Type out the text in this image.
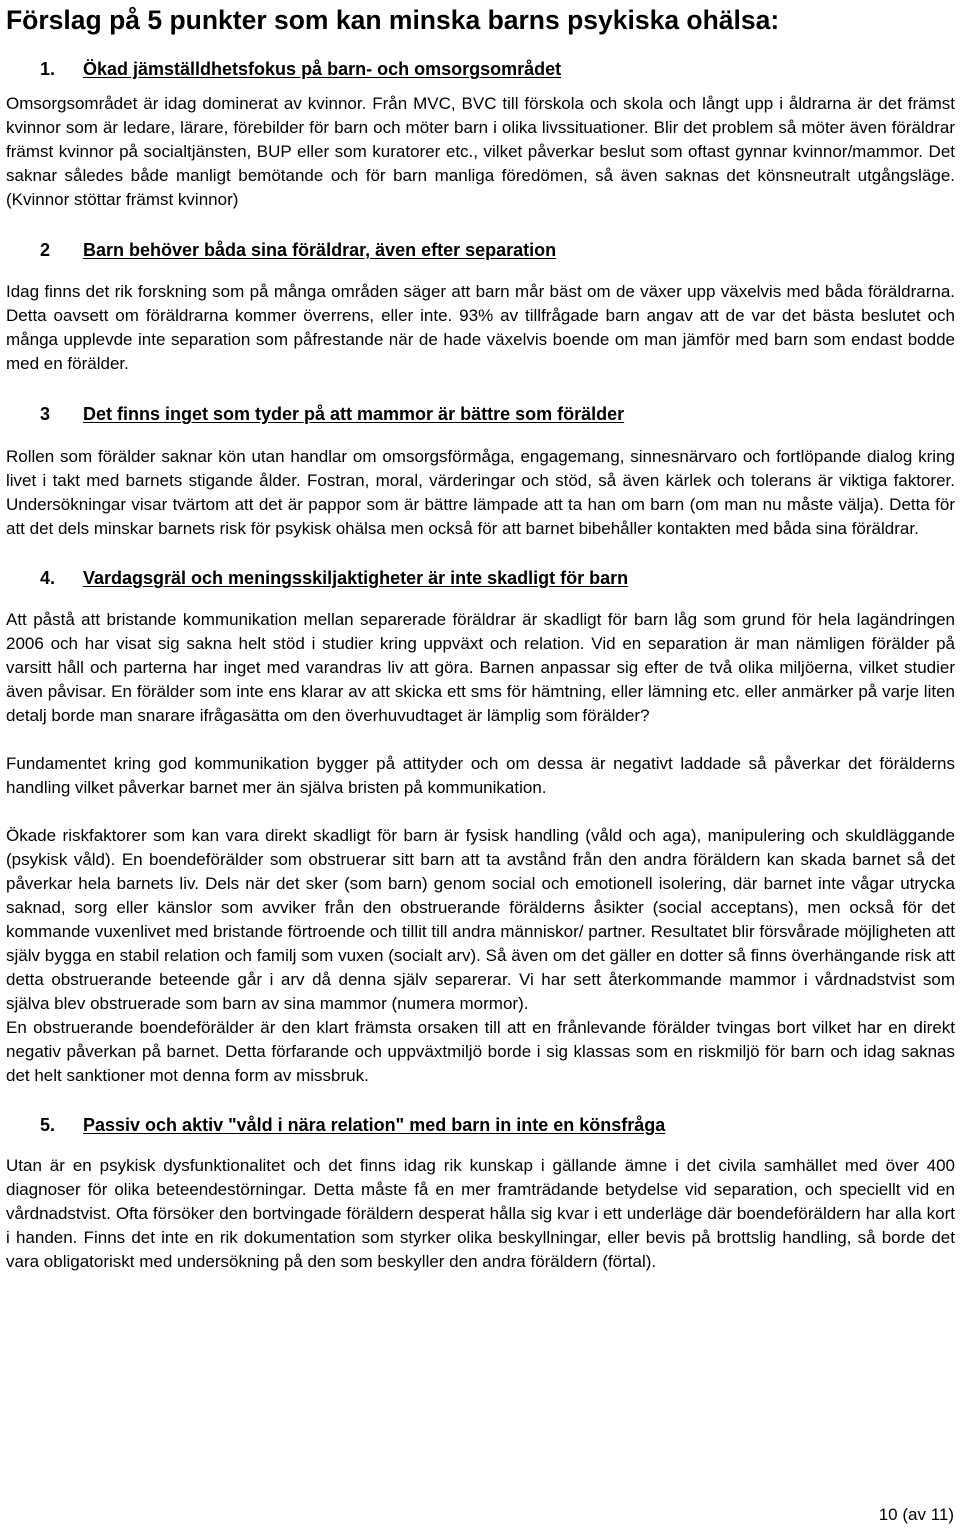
Förslag på 5 punkter som kan minska barns psykiska ohälsa:
1.	Ökad jämställdhetsfokus på barn- och omsorgsområdet

Omsorgsområdet är idag dominerat av kvinnor. Från MVC, BVC till förskola och skola och långt upp i åldrarna är det främst kvinnor som är ledare, lärare, förebilder för barn och möter barn i olika livssituationer. Blir det problem så möter även föräldrar främst kvinnor på socialtjänsten, BUP eller som kuratorer etc., vilket påverkar beslut som oftast gynnar kvinnor/mammor. Det saknar således både manligt bemötande och för barn manliga föredömen, så även saknas det könsneutralt utgångsläge. (Kvinnor stöttar främst kvinnor)

2	Barn behöver båda sina föräldrar, även efter separation

Idag finns det rik forskning som på många områden säger att barn mår bäst om de växer upp växelvis med båda föräldrarna. Detta oavsett om föräldrarna kommer överrens, eller inte. 93% av tillfrågade barn angav att de var det bästa beslutet och många upplevde inte separation som påfrestande när de hade växelvis boende om man jämför med barn som endast bodde med en förälder.

3	Det finns inget som tyder på att mammor är bättre som förälder

Rollen som förälder saknar kön utan handlar om omsorgsförmåga, engagemang, sinnesnärvaro och fortlöpande dialog kring livet i takt med barnets stigande ålder. Fostran, moral, värderingar och stöd, så även kärlek och tolerans är viktiga faktorer. Undersökningar visar tvärtom att det är pappor som är bättre lämpade att ta han om barn (om man nu måste välja). Detta för att det dels minskar barnets risk för psykisk ohälsa men också för att barnet bibehåller kontakten med båda sina föräldrar.

4.	Vardagsgräl och meningsskiljaktigheter är inte skadligt för barn

Att påstå att bristande kommunikation mellan separerade föräldrar är skadligt för barn låg som grund för hela lagändringen 2006 och har visat sig sakna helt stöd i studier kring uppväxt och relation. Vid en separation är man nämligen förälder på varsitt håll och parterna har inget med varandras liv att göra. Barnen anpassar sig efter de två olika miljöerna, vilket studier även påvisar. En förälder som inte ens klarar av att skicka ett sms för hämtning, eller lämning etc. eller anmärker på varje liten detalj borde man snarare ifrågasätta om den överhuvudtaget är lämplig som förälder?

Fundamentet kring god kommunikation bygger på attityder och om dessa är negativt laddade så påverkar det förälderns handling vilket påverkar barnet mer än själva bristen på kommunikation.

Ökade riskfaktorer som kan vara direkt skadligt för barn är fysisk handling (våld och aga), manipulering och skuldläggande (psykisk våld). En boendeförälder som obstruerar sitt barn att ta avstånd från den andra föräldern kan skada barnet så det påverkar hela barnets liv. Dels när det sker (som barn) genom social och emotionell isolering, där barnet inte vågar utrycka saknad, sorg eller känslor som avviker från den obstruerande förälderns åsikter (social acceptans), men också för det kommande vuxenlivet med bristande förtroende och tillit till andra människor/ partner. Resultatet blir försvårade möjligheten att själv bygga en stabil relation och familj som vuxen (socialt arv). Så även om det gäller en dotter så finns överhängande risk att detta obstruerande beteende går i arv då denna själv separerar. Vi har sett återkommande mammor i vårdnadstvist som själva blev obstruerade som barn av sina mammor (numera mormor).

En obstruerande boendeförälder är den klart främsta orsaken till att en frånlevande förälder tvingas bort vilket har en direkt negativ påverkan på barnet. Detta förfarande och uppväxtmiljö borde i sig klassas som en riskmiljö för barn och idag saknas det helt sanktioner mot denna form av missbruk.

5.	Passiv och aktiv "våld i nära relation" med barn in inte en könsfråga

Utan är en psykisk dysfunktionalitet och det finns idag rik kunskap i gällande ämne i det civila samhället med över 400 diagnoser för olika beteendestörningar. Detta måste få en mer framträdande betydelse vid separation, och speciellt vid en vårdnadstvist. Ofta försöker den bortvingade föräldern desperat hålla sig kvar i ett underläge där boendeföräldern har alla kort i handen. Finns det inte en rik dokumentation som styrker olika beskyllningar, eller bevis på brottslig handling, så borde det vara obligatoriskt med undersökning på den som beskyller den andra föräldern (förtal).

10 (av 11)
